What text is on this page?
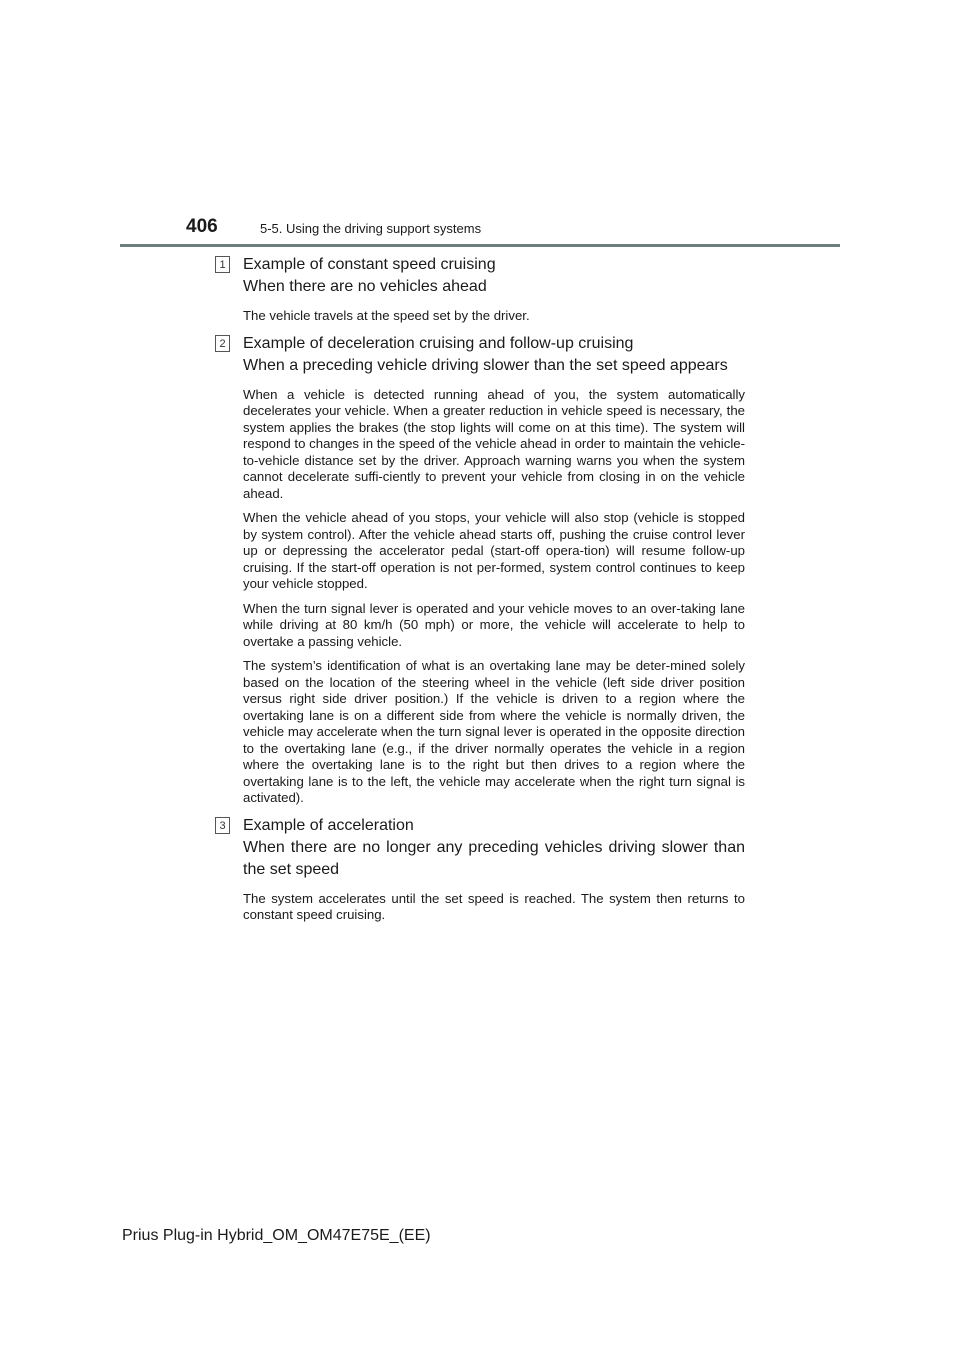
406	5-5. Using the driving support systems
1 Example of constant speed cruising

When there are no vehicles ahead

The vehicle travels at the speed set by the driver.

2 Example of deceleration cruising and follow-up cruising

When a preceding vehicle driving slower than the set speed appears

When a vehicle is detected running ahead of you, the system automatically decelerates your vehicle. When a greater reduction in vehicle speed is necessary, the system applies the brakes (the stop lights will come on at this time). The system will respond to changes in the speed of the vehicle ahead in order to maintain the vehicle-to-vehicle distance set by the driver. Approach warning warns you when the system cannot decelerate suffi-ciently to prevent your vehicle from closing in on the vehicle ahead.

When the vehicle ahead of you stops, your vehicle will also stop (vehicle is stopped by system control). After the vehicle ahead starts off, pushing the cruise control lever up or depressing the accelerator pedal (start-off opera-tion) will resume follow-up cruising. If the start-off operation is not per-formed, system control continues to keep your vehicle stopped.

When the turn signal lever is operated and your vehicle moves to an over-taking lane while driving at 80 km/h (50 mph) or more, the vehicle will accelerate to help to overtake a passing vehicle.

The system’s identification of what is an overtaking lane may be deter-mined solely based on the location of the steering wheel in the vehicle (left side driver position versus right side driver position.) If the vehicle is driven to a region where the overtaking lane is on a different side from where the vehicle is normally driven, the vehicle may accelerate when the turn signal lever is operated in the opposite direction to the overtaking lane (e.g., if the driver normally operates the vehicle in a region where the overtaking lane is to the right but then drives to a region where the overtaking lane is to the left, the vehicle may accelerate when the right turn signal is activated).

3 Example of acceleration

When there are no longer any preceding vehicles driving slower than the set speed

The system accelerates until the set speed is reached. The system then returns to constant speed cruising.

Prius Plug-in Hybrid_OM_OM47E75E_(EE)
